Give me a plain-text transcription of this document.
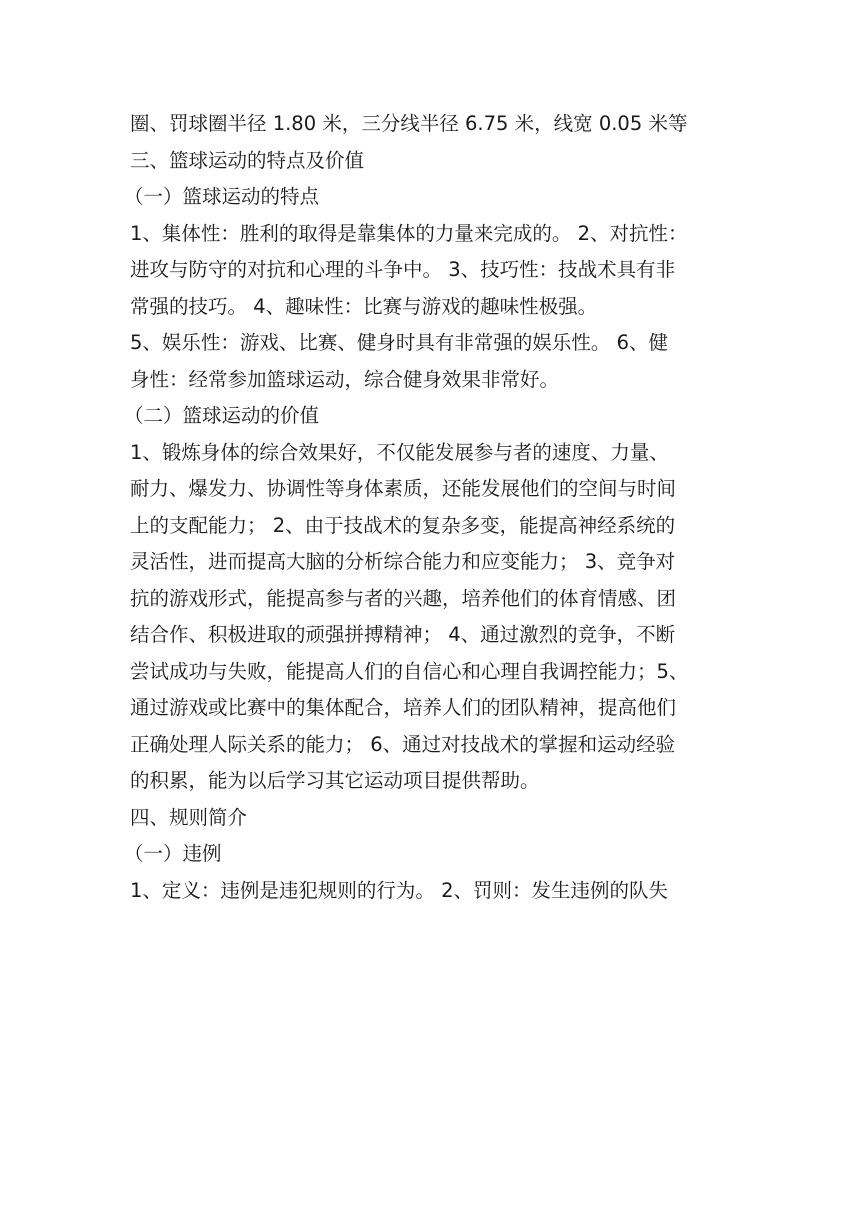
圈、罚球圈半径 1.80 米，三分线半径 6.75 米，线宽 0.05 米等
三、篮球运动的特点及价值
（一）篮球运动的特点
1、集体性：胜利的取得是靠集体的力量来完成的。 2、对抗性：
进攻与防守的对抗和心理的斗争中。 3、技巧性：技战术具有非
常强的技巧。 4、趣味性：比赛与游戏的趣味性极强。
5、娱乐性：游戏、比赛、健身时具有非常强的娱乐性。 6、健
身性：经常参加篮球运动，综合健身效果非常好。
（二）篮球运动的价值
1、锻炼身体的综合效果好，不仅能发展参与者的速度、力量、
耐力、爆发力、协调性等身体素质，还能发展他们的空间与时间
上的支配能力； 2、由于技战术的复杂多变，能提高神经系统的
灵活性，进而提高大脑的分析综合能力和应变能力； 3、竞争对
抗的游戏形式，能提高参与者的兴趣，培养他们的体育情感、团
结合作、积极进取的顽强拼搏精神； 4、通过激烈的竞争，不断
尝试成功与失败，能提高人们的自信心和心理自我调控能力；5、
通过游戏或比赛中的集体配合，培养人们的团队精神，提高他们
正确处理人际关系的能力； 6、通过对技战术的掌握和运动经验
的积累，能为以后学习其它运动项目提供帮助。
四、规则简介
（一）违例
1、定义：违例是违犯规则的行为。 2、罚则：发生违例的队失
